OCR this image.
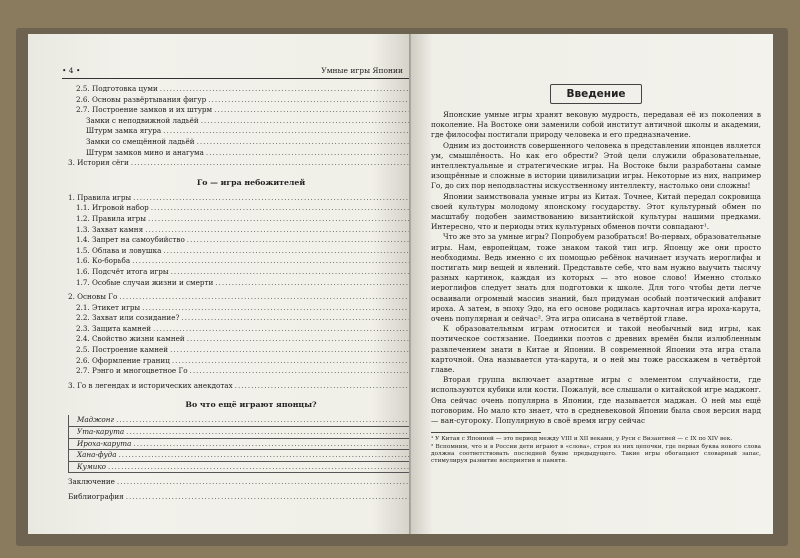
• 4 •	Умные игры Японии
2.5. Подготовка цуми
.....
2.6. Основы развёртывания фигур
.....
2.7. Построение замков и их штурм
.....
Замки с неподвижной ладьёй
.....
Штурм замка ягура
.....
Замки со смещённой ладьёй
.....
Штурм замков мино и анагума
.....
3. История сёги
.....
Го — игра небожителей
1. Правила игры
.....
1.1. Игровой набор
.....
1.2. Правила игры
.....
1.3. Захват камня
.....
1.4. Запрет на самоубийство
.....
1.5. Облава и ловушка
.....
1.6. Ко-борьба
.....
1.6. Подсчёт итога игры
.....
1.7. Особые случаи жизни и смерти
.....
2. Основы Го
.....
2.1. Этикет игры
.....
2.2. Захват или созидание?
.....
2.3. Защита камней
.....
2.4. Свойство жизни камней
.....
2.5. Построение камней
.....
2.6. Оформление границ
.....
2.7. Рэнго и многоцветное Го
.....
3. Го в легендах и исторических анекдотах
.....
Во что ещё играют японцы?
Маджонг
.....
Ута-карута
.....
Ироха-карута
.....
Хана-фуда
.....
Кумико
.....
Заключение
.....
Библиография
.....
Введение

Японские умные игры хранят вековую мудрость, передавая её из поколения в поколение. На Востоке они заменили собой институт античной школы и академии, где философы постигали природу человека и его предназначение.

Одним из достоинств совершенного человека в представлении японцев является ум, смышлёность. Но как его обрести? Этой цели служили образовательные, интеллектуальные и стратегические игры. На Востоке были разработаны самые изощрённые и сложные в истории цивилизации игры. Некоторые из них, например Го, до сих пор неподвластны искусственному интеллекту, настолько они сложны!

Японии заимствовала умные игры из Китая. Точнее, Китай передал сокровища своей культуры молодому японскому государству. Этот культурный обмен по масштабу подобен заимствованию византийской культуры нашими предками. Интересно, что и периоды этих культурных обменов почти совпадают¹.

Что же это за умные игры? Попробуем разобраться! Во-первых, образовательные игры. Нам, европейцам, тоже знаком такой тип игр. Японцу же они просто необходимы. Ведь именно с их помощью ребёнок начинает изучать иероглифы и постигать мир вещей и явлений. Представьте себе, что вам нужно выучить тысячу разных картинок, каждая из которых — это новое слово! Именно столько иероглифов следует знать для подготовки к школе. Для того чтобы дети легче осваивали огромный массив знаний, был придуман особый поэтический алфавит ироха. А затем, в эпоху Эдо, на его основе родилась карточная игра ироха-карута, очень популярная и сейчас². Эта игра описана в четвёртой главе.

К образовательным играм относится и такой необычный вид игры, как поэтическое состязание. Поединки поэтов с древних времён были излюбленным развлечением знати в Китае и Японии. В современной Японии эта игра стала карточной. Она называется ута-карута, и о ней мы тоже расскажем в четвёртой главе.

Вторая группа включает азартные игры с элементом случайности, где используются кубики или кости. Пожалуй, все слышали о китайской игре маджонг. Она сейчас очень популярна в Японии, где называется маджан. О ней мы ещё поговорим. Но мало кто знает, что в средневековой Японии была своя версия нард — ван-сугороку. Популярную в своё время игру сейчас

¹ У Китая с Японией — это период между VIII и XII веками, у Руси с Византией — с IX по XIV век.

² Вспомним, что и в России дети играют в «слова», строя из них цепочки, где первая буква нового слова должна соответствовать последней букве предыдущего. Такие игры обогащают словарный запас, стимулируя развитие восприятия и памяти.
